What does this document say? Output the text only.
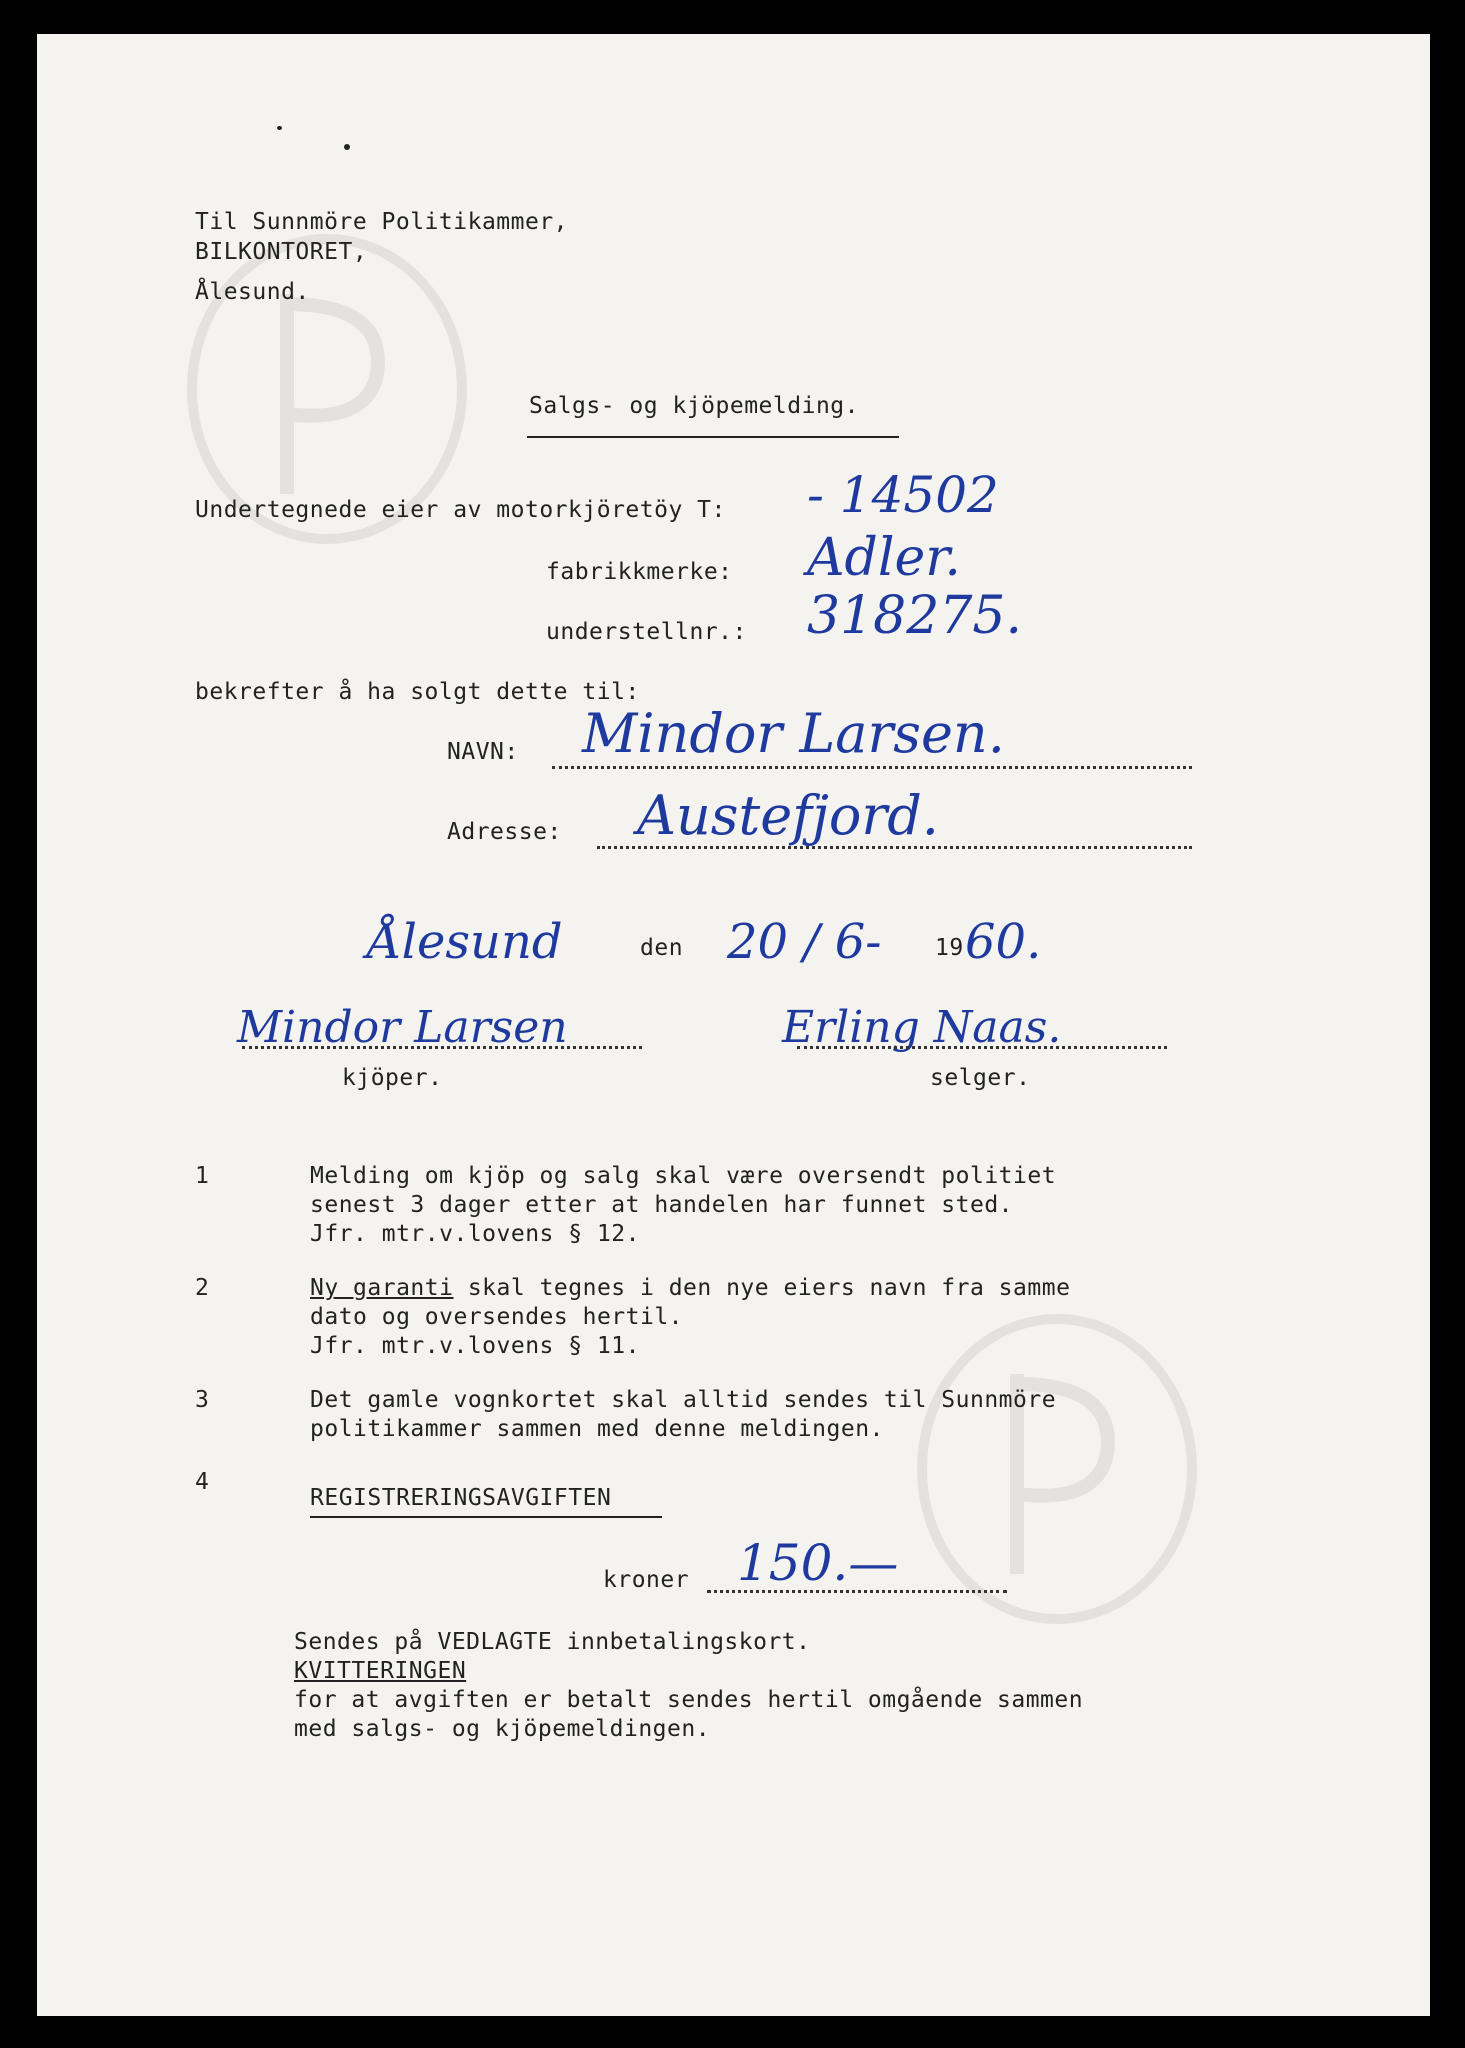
Til Sunnmöre Politikammer,
BILKONTORET,
Ålesund.
Salgs- og kjöpemelding.
Undertegnede eier av motorkjöretöy T: - 14502
fabrikkmerke: Adler.
understellnr.: 318275.
bekrefter å ha solgt dette til:
NAVN: Mindor Larsen.
Adresse: Austefjord.
Ålesund	den 20 / 6- 19 60.
Mindor Larsen	Erling Naas.
kjöper.	selger.
1	Melding om kjöp og salg skal være oversendt politiet
senest 3 dager etter at handelen har funnet sted.
Jfr. mtr.v.lovens § 12.
2	Ny garanti skal tegnes i den nye eiers navn fra samme
dato og oversendes hertil.
Jfr. mtr.v.lovens § 11.
3	Det gamle vognkortet skal alltid sendes til Sunnmöre
politikammer sammen med denne meldingen.
4
REGISTRERINGSAVGIFTEN
kroner 150.—
Sendes på VEDLAGTE innbetalingskort.
KVITTERINGEN
for at avgiften er betalt sendes hertil omgående sammen
med salgs- og kjöpemeldingen.
